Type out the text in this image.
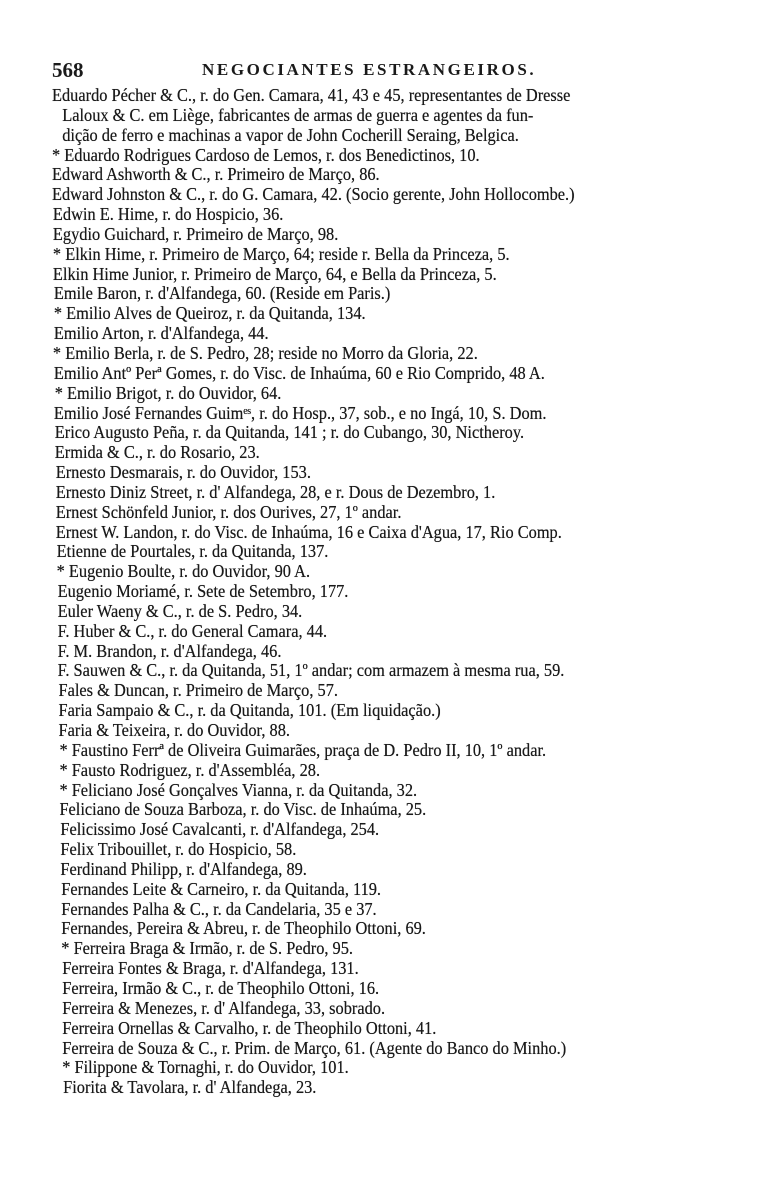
568	NEGOCIANTES ESTRANGEIROS.
Eduardo Pécher & C., r. do Gen. Camara, 41, 43 e 45, representantes de Dresse
Laloux & C. em Liège, fabricantes de armas de guerra e agentes da fun-
dição de ferro e machinas a vapor de John Cocherill Seraing, Belgica.
* Eduardo Rodrigues Cardoso de Lemos, r. dos Benedictinos, 10.
Edward Ashworth & C., r. Primeiro de Março, 86.
Edward Johnston & C., r. do G. Camara, 42. (Socio gerente, John Hollocombe.)
Edwin E. Hime, r. do Hospicio, 36.
Egydio Guichard, r. Primeiro de Março, 98.
* Elkin Hime, r. Primeiro de Março, 64; reside r. Bella da Princeza, 5.
Elkin Hime Junior, r. Primeiro de Março, 64, e Bella da Princeza, 5.
Emile Baron, r. d'Alfandega, 60. (Reside em Paris.)
* Emilio Alves de Queiroz, r. da Quitanda, 134.
Emilio Arton, r. d'Alfandega, 44.
* Emilio Berla, r. de S. Pedro, 28; reside no Morro da Gloria, 22.
Emilio Antº Perª Gomes, r. do Visc. de Inhaúma, 60 e Rio Comprido, 48 A.
* Emilio Brigot, r. do Ouvidor, 64.
Emilio José Fernandes Guimᵉˢ, r. do Hosp., 37, sob., e no Ingá, 10, S. Dom.
Erico Augusto Peña, r. da Quitanda, 141 ; r. do Cubango, 30, Nictheroy.
Ermida & C., r. do Rosario, 23.
Ernesto Desmarais, r. do Ouvidor, 153.
Ernesto Diniz Street, r. d' Alfandega, 28, e r. Dous de Dezembro, 1.
Ernest Schönfeld Junior, r. dos Ourives, 27, 1º andar.
Ernest W. Landon, r. do Visc. de Inhaúma, 16 e Caixa d'Agua, 17, Rio Comp.
Etienne de Pourtales, r. da Quitanda, 137.
* Eugenio Boulte, r. do Ouvidor, 90 A.
Eugenio Moriamé, r. Sete de Setembro, 177.
Euler Waeny & C., r. de S. Pedro, 34.
F. Huber & C., r. do General Camara, 44.
F. M. Brandon, r. d'Alfandega, 46.
F. Sauwen & C., r. da Quitanda, 51, 1º andar; com armazem à mesma rua, 59.
Fales & Duncan, r. Primeiro de Março, 57.
Faria Sampaio & C., r. da Quitanda, 101. (Em liquidação.)
Faria & Teixeira, r. do Ouvidor, 88.
* Faustino Ferrª de Oliveira Guimarães, praça de D. Pedro II, 10, 1º andar.
* Fausto Rodriguez, r. d'Assembléa, 28.
* Feliciano José Gonçalves Vianna, r. da Quitanda, 32.
Feliciano de Souza Barboza, r. do Visc. de Inhaúma, 25.
Felicissimo José Cavalcanti, r. d'Alfandega, 254.
Felix Tribouillet, r. do Hospicio, 58.
Ferdinand Philipp, r. d'Alfandega, 89.
Fernandes Leite & Carneiro, r. da Quitanda, 119.
Fernandes Palha & C., r. da Candelaria, 35 e 37.
Fernandes, Pereira & Abreu, r. de Theophilo Ottoni, 69.
* Ferreira Braga & Irmão, r. de S. Pedro, 95.
Ferreira Fontes & Braga, r. d'Alfandega, 131.
Ferreira, Irmão & C., r. de Theophilo Ottoni, 16.
Ferreira & Menezes, r. d' Alfandega, 33, sobrado.
Ferreira Ornellas & Carvalho, r. de Theophilo Ottoni, 41.
Ferreira de Souza & C., r. Prim. de Março, 61. (Agente do Banco do Minho.)
* Filippone & Tornaghi, r. do Ouvidor, 101.
Fiorita & Tavolara, r. d' Alfandega, 23.
